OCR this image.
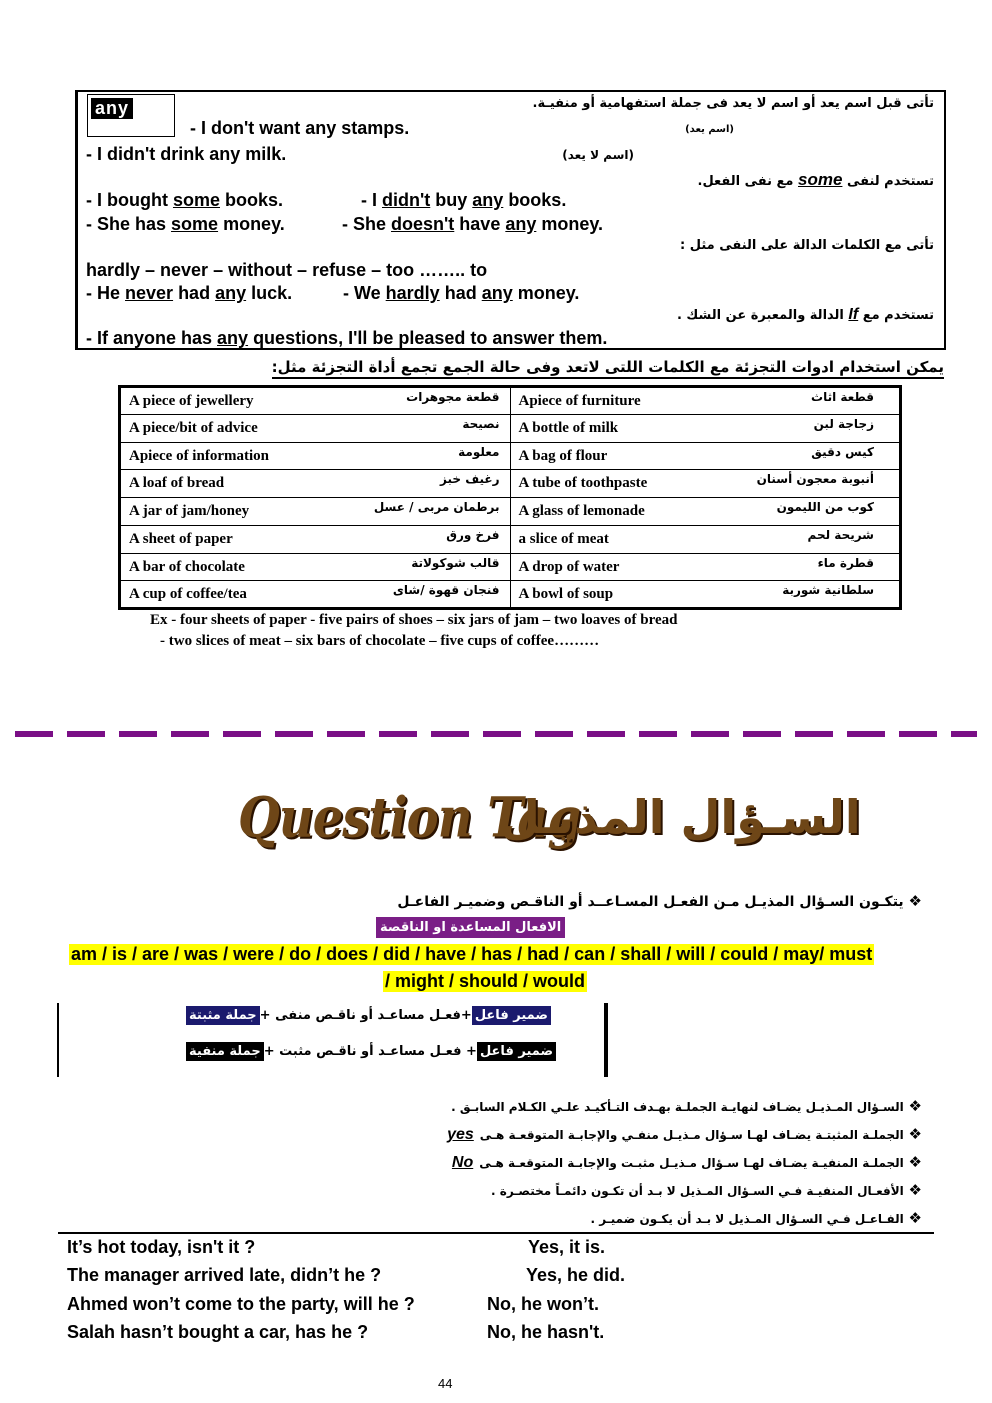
any	تأتى قبل اسم يعد أو اسم لا يعد فى جملة استفهامية أو منفيـة.
- I don't want any stamps.	(اسم يعد)
- I didn't drink any milk.	(اسم لا يعد)
تستخدم لنفى some مع نفى الفعل.
- I bought some books.	- I didn't buy any books.
- She has some money.	- She doesn't have any money.
تأتى مع الكلمات الدالة على النفى مثل :
hardly – never – without – refuse – too …….. to
- He never had any luck.	- We hardly had any money.
تستخدم مع If الدالة والمعبرة عن الشك .
- If anyone has any questions, I'll be pleased to answer them.
يمكن استخدام ادوات التجزئة مع الكلمات اللتى لاتعد وفى حالة الجمع تجمع أداة التجزئة مثل:
A piece of jewellery قطعة مجوهرات	Apiece of furniture قطعة اثاث

A piece/bit of advice نصيحة	A bottle of milk زجاجة لبن

Apiece of information معلومة	A bag of flour كيس دقيق

A loaf of bread رغيف خبز	A tube of toothpaste أنبوبة معجون أسنان

A jar of jam/honey برطمان مربى / عسل	A glass of lemonade كوب من الليمون

A sheet of paper فرخ ورق	a slice of meat شريحة لحم

A bar of chocolate قالب شوكولاتة	A drop of water قطرة ماء

A cup of coffee/tea فنجان قهوة /شاى	A bowl of soup سلطانية شوربة
Ex - four sheets of paper - five pairs of shoes – six jars of jam – two loaves of bread
- two slices of meat – six bars of chocolate – five cups of coffee………
Question Tag
السـؤال المذيـل
❖ يتكـون السـؤال المذيـل مـن الفعـل المسـاعــد أو الناقـص وضميـر الفاعـل
الافعال المساعدة او الناقصة
am / is / are / was / were / do / does / did / have / has / had / can / shall / will / could / may/ must
/ might / should / would
ضمير فاعل+فعـل مساعـد أو ناقـص منفى +جملة مثبتة
ضمير فاعل+ فعـل مساعـد أو ناقـص مثبت +جملة منفية
❖ السـؤال المـذيـل يضـاف لنهايـة الجملـة بهـدف التـأكيـد علـي الكـلام السابـق .
❖ الجملـة المثبتـة يضـاف لهـا سـؤال مـذيـل منفـي والإجابـة المتوقعـة هـىyes
❖ الجملـة المنفيـة يضـاف لهـا سـؤال مـذيـل مثبـت والإجابـة المتوقعـة هـىNo
❖ الأفعـال المنفيـة فـي السـؤال المـذيل لا بـد أن تكـون دائمـاً مختصـرة .
❖ الفـاعـل فـي السـؤال المـذيل لا بـد أن يكـون ضميـر .
It’s hot today, isn't it ?	Yes, it is.
The manager arrived late, didn’t he ?	Yes, he did.
Ahmed won’t come to the party, will he ?	No, he won’t.
Salah hasn’t bought a car, has he ?	No, he hasn't.
44
